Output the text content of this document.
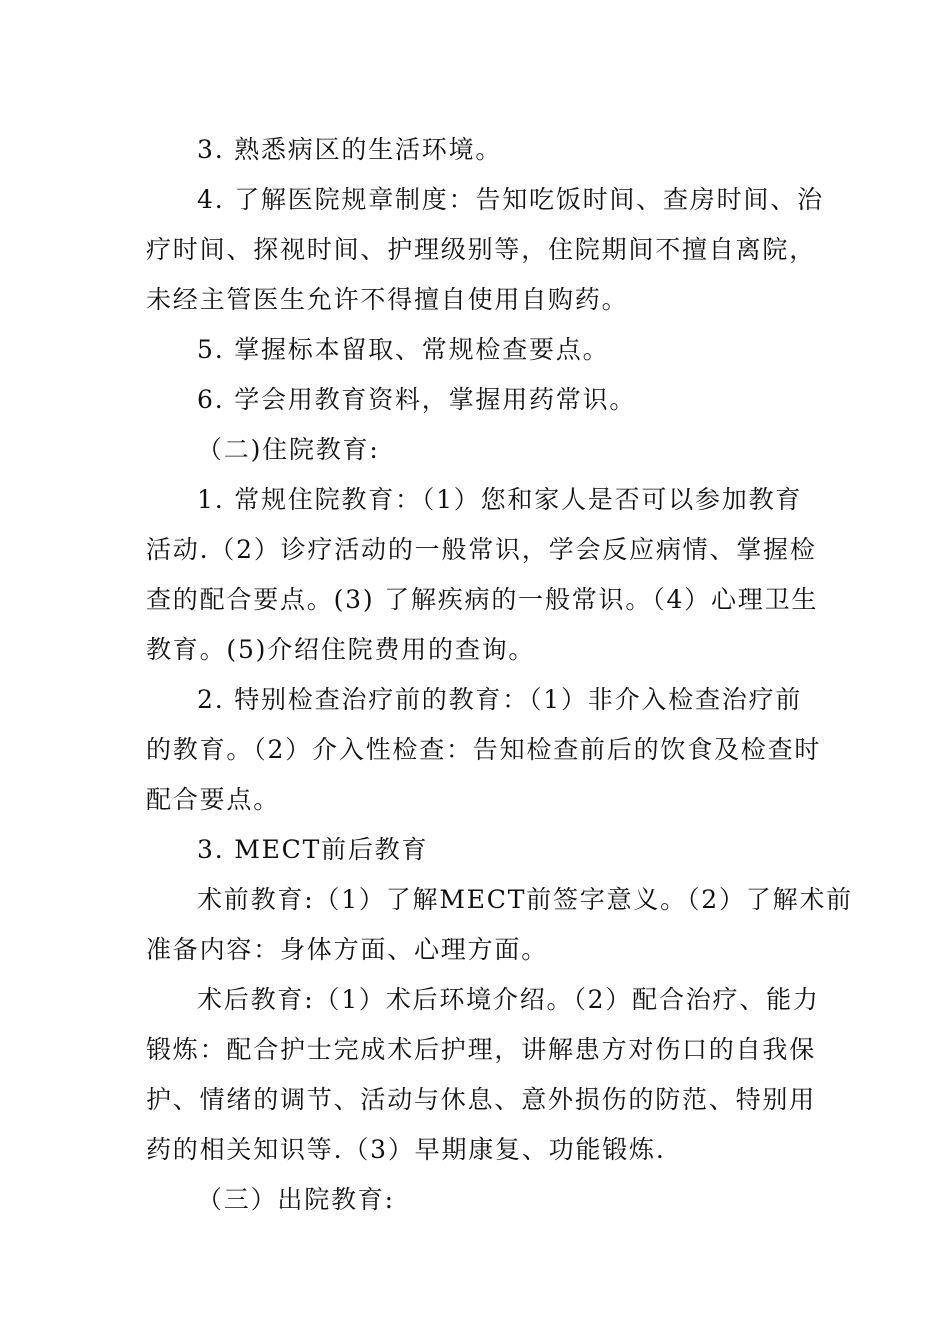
3. 熟悉病区的生活环境。

4. 了解医院规章制度：告知吃饭时间、查房时间、治

疗时间、探视时间、护理级别等，住院期间不擅自离院，

未经主管医生允许不得擅自使用自购药。

5. 掌握标本留取、常规检查要点。

6. 学会用教育资料，掌握用药常识。

（二)住院教育:

1. 常规住院教育：（1）您和家人是否可以参加教育

活动.（2）诊疗活动的一般常识，学会反应病情、掌握检

查的配合要点。(3) 了解疾病的一般常识。（4）心理卫生

教育。(5)介绍住院费用的查询。

2. 特别检查治疗前的教育：（1）非介入检查治疗前

的教育。（2）介入性检查：告知检查前后的饮食及检查时

配合要点。

3. MECT前后教育

术前教育:（1）了解MECT前签字意义。（2）了解术前

准备内容：身体方面、心理方面。

术后教育:（1）术后环境介绍。（2）配合治疗、能力

锻炼：配合护士完成术后护理，讲解患方对伤口的自我保

护、情绪的调节、活动与休息、意外损伤的防范、特别用

药的相关知识等.（3）早期康复、功能锻炼.

（三）出院教育:
